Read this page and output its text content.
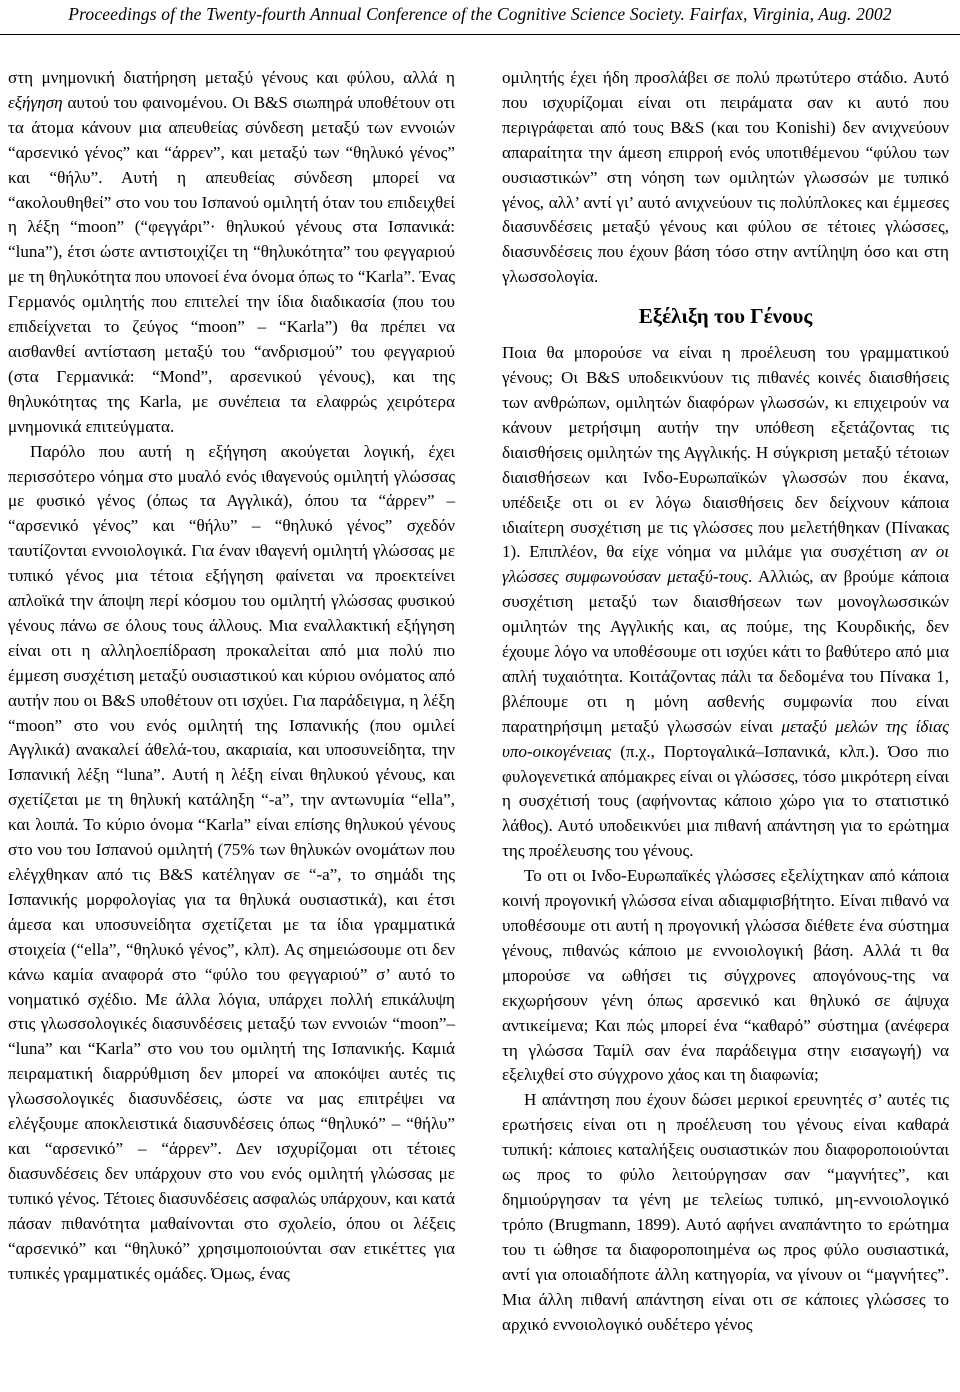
Proceedings of the Twenty-fourth Annual Conference of the Cognitive Science Society. Fairfax, Virginia, Aug. 2002

στη μνημονική διατήρηση μεταξύ γένους και φύλου, αλλά η εξήγηση αυτού του φαινομένου. Οι B&S σιωπηρά υποθέτουν οτι τα άτομα κάνουν μια απευθείας σύνδεση μεταξύ των εννοιών “αρσενικό γένος” και “άρρεν”, και μεταξύ των “θηλυκό γένος” και “θήλυ”. Αυτή η απευθείας σύνδεση μπορεί να “ακολουθηθεί” στο νου του Ισπανού ομιλητή όταν του επιδειχθεί η λέξη “moon” (“φεγγάρι”· θηλυκού γένους στα Ισπανικά: “luna”), έτσι ώστε αντιστοιχίζει τη “θηλυκότητα” του φεγγαριού με τη θηλυκότητα που υπονοεί ένα όνομα όπως το “Karla”. Ένας Γερμανός ομιλητής που επιτελεί την ίδια διαδικασία (που του επιδείχνεται το ζεύγος “moon” – “Karla”) θα πρέπει να αισθανθεί αντίσταση μεταξύ του “ανδρισμού” του φεγγαριού (στα Γερμανικά: “Mond”, αρσενικού γένους), και της θηλυκότητας της Karla, με συνέπεια τα ελαφρώς χειρότερα μνημονικά επιτεύγματα.

Παρόλο που αυτή η εξήγηση ακούγεται λογική, έχει περισσότερο νόημα στο μυαλό ενός ιθαγενούς ομιλητή γλώσσας με φυσικό γένος (όπως τα Αγγλικά), όπου τα “άρρεν” – “αρσενικό γένος” και “θήλυ” – “θηλυκό γένος” σχεδόν ταυτίζονται εννοιολογικά. Για έναν ιθαγενή ομιλητή γλώσσας με τυπικό γένος μια τέτοια εξήγηση φαίνεται να προεκτείνει απλοϊκά την άποψη περί κόσμου του ομιλητή γλώσσας φυσικού γένους πάνω σε όλους τους άλλους. Μια εναλλακτική εξήγηση είναι οτι η αλληλοεπίδραση προκαλείται από μια πολύ πιο έμμεση συσχέτιση μεταξύ ουσιαστικού και κύριου ονόματος από αυτήν που οι B&S υποθέτουν οτι ισχύει. Για παράδειγμα, η λέξη “moon” στο νου ενός ομιλητή της Ισπανικής (που ομιλεί Αγγλικά) ανακαλεί άθελά-του, ακαριαία, και υποσυνείδητα, την Ισπανική λέξη “luna”. Αυτή η λέξη είναι θηλυκού γένους, και σχετίζεται με τη θηλυκή κατάληξη “-a”, την αντωνυμία “ella”, και λοιπά. Το κύριο όνομα “Karla” είναι επίσης θηλυκού γένους στο νου του Ισπανού ομιλητή (75% των θηλυκών ονομάτων που ελέγχθηκαν από τις B&S κατέληγαν σε “-a”, το σημάδι της Ισπανικής μορφολογίας για τα θηλυκά ουσιαστικά), και έτσι άμεσα και υποσυνείδητα σχετίζεται με τα ίδια γραμματικά στοιχεία (“ella”, “θηλυκό γένος”, κλπ). Ας σημειώσουμε οτι δεν κάνω καμία αναφορά στο “φύλο του φεγγαριού” σ’ αυτό το νοηματικό σχέδιο. Με άλλα λόγια, υπάρχει πολλή επικάλυψη στις γλωσσολογικές διασυνδέσεις μεταξύ των εννοιών “moon”– “luna” και “Karla” στο νου του ομιλητή της Ισπανικής. Καμιά πειραματική διαρρύθμιση δεν μπορεί να αποκόψει αυτές τις γλωσσολογικές διασυνδέσεις, ώστε να μας επιτρέψει να ελέγξουμε αποκλειστικά διασυνδέσεις όπως “θηλυκό” – “θήλυ” και “αρσενικό” – “άρρεν”. Δεν ισχυρίζομαι οτι τέτοιες διασυνδέσεις δεν υπάρχουν στο νου ενός ομιλητή γλώσσας με τυπικό γένος. Τέτοιες διασυνδέσεις ασφαλώς υπάρχουν, και κατά πάσαν πιθανότητα μαθαίνονται στο σχολείο, όπου οι λέξεις “αρσενικό” και “θηλυκό” χρησιμοποιούνται σαν ετικέττες για τυπικές γραμματικές ομάδες. Όμως, ένας

ομιλητής έχει ήδη προσλάβει σε πολύ πρωτύτερο στάδιο. Αυτό που ισχυρίζομαι είναι οτι πειράματα σαν κι αυτό που περιγράφεται από τους B&S (και του Konishi) δεν ανιχνεύουν απαραίτητα την άμεση επιρροή ενός υποτιθέμενου “φύλου των ουσιαστικών” στη νόηση των ομιλητών γλωσσών με τυπικό γένος, αλλ’ αντί γι’ αυτό ανιχνεύουν τις πολύπλοκες και έμμεσες διασυνδέσεις μεταξύ γένους και φύλου σε τέτοιες γλώσσες, διασυνδέσεις που έχουν βάση τόσο στην αντίληψη όσο και στη γλωσσολογία.

Εξέλιξη του Γένους

Ποια θα μπορούσε να είναι η προέλευση του γραμματικού γένους; Οι B&S υποδεικνύουν τις πιθανές κοινές διαισθήσεις των ανθρώπων, ομιλητών διαφόρων γλωσσών, κι επιχειρούν να κάνουν μετρήσιμη αυτήν την υπόθεση εξετάζοντας τις διαισθήσεις ομιλητών της Αγγλικής. Η σύγκριση μεταξύ τέτοιων διαισθήσεων και Ινδο-Ευρωπαϊκών γλωσσών που έκανα, υπέδειξε οτι οι εν λόγω διαισθήσεις δεν δείχνουν κάποια ιδιαίτερη συσχέτιση με τις γλώσσες που μελετήθηκαν (Πίνακας 1). Επιπλέον, θα είχε νόημα να μιλάμε για συσχέτιση αν οι γλώσσες συμφωνούσαν μεταξύ-τους. Αλλιώς, αν βρούμε κάποια συσχέτιση μεταξύ των διαισθήσεων των μονογλωσσικών ομιλητών της Αγγλικής και, ας πούμε, της Κουρδικής, δεν έχουμε λόγο να υποθέσουμε οτι ισχύει κάτι το βαθύτερο από μια απλή τυχαιότητα. Κοιτάζοντας πάλι τα δεδομένα του Πίνακα 1, βλέπουμε οτι η μόνη ασθενής συμφωνία που είναι παρατηρήσιμη μεταξύ γλωσσών είναι μεταξύ μελών της ίδιας υπο-οικογένειας (π.χ., Πορτογαλικά–Ισπανικά, κλπ.). Όσο πιο φυλογενετικά απόμακρες είναι οι γλώσσες, τόσο μικρότερη είναι η συσχέτισή τους (αφήνοντας κάποιο χώρο για το στατιστικό λάθος). Αυτό υποδεικνύει μια πιθανή απάντηση για το ερώτημα της προέλευσης του γένους.

Το οτι οι Ινδο-Ευρωπαϊκές γλώσσες εξελίχτηκαν από κάποια κοινή προγονική γλώσσα είναι αδιαμφισβήτητο. Είναι πιθανό να υποθέσουμε οτι αυτή η προγονική γλώσσα διέθετε ένα σύστημα γένους, πιθανώς κάποιο με εννοιολογική βάση. Αλλά τι θα μπορούσε να ωθήσει τις σύγχρονες απογόνους-της να εκχωρήσουν γένη όπως αρσενικό και θηλυκό σε άψυχα αντικείμενα; Και πώς μπορεί ένα “καθαρό” σύστημα (ανέφερα τη γλώσσα Ταμίλ σαν ένα παράδειγμα στην εισαγωγή) να εξελιχθεί στο σύγχρονο χάος και τη διαφωνία;

Η απάντηση που έχουν δώσει μερικοί ερευνητές σ’ αυτές τις ερωτήσεις είναι οτι η προέλευση του γένους είναι καθαρά τυπική: κάποιες καταλήξεις ουσιαστικών που διαφοροποιούνται ως προς το φύλο λειτούργησαν σαν “μαγνήτες”, και δημιούργησαν τα γένη με τελείως τυπικό, μη-εννοιολογικό τρόπο (Brugmann, 1899). Αυτό αφήνει αναπάντητο το ερώτημα του τι ώθησε τα διαφοροποιημένα ως προς φύλο ουσιαστικά, αντί για οποιαδήποτε άλλη κατηγορία, να γίνουν οι “μαγνήτες”. Μια άλλη πιθανή απάντηση είναι οτι σε κάποιες γλώσσες το αρχικό εννοιολογικό ουδέτερο γένος
